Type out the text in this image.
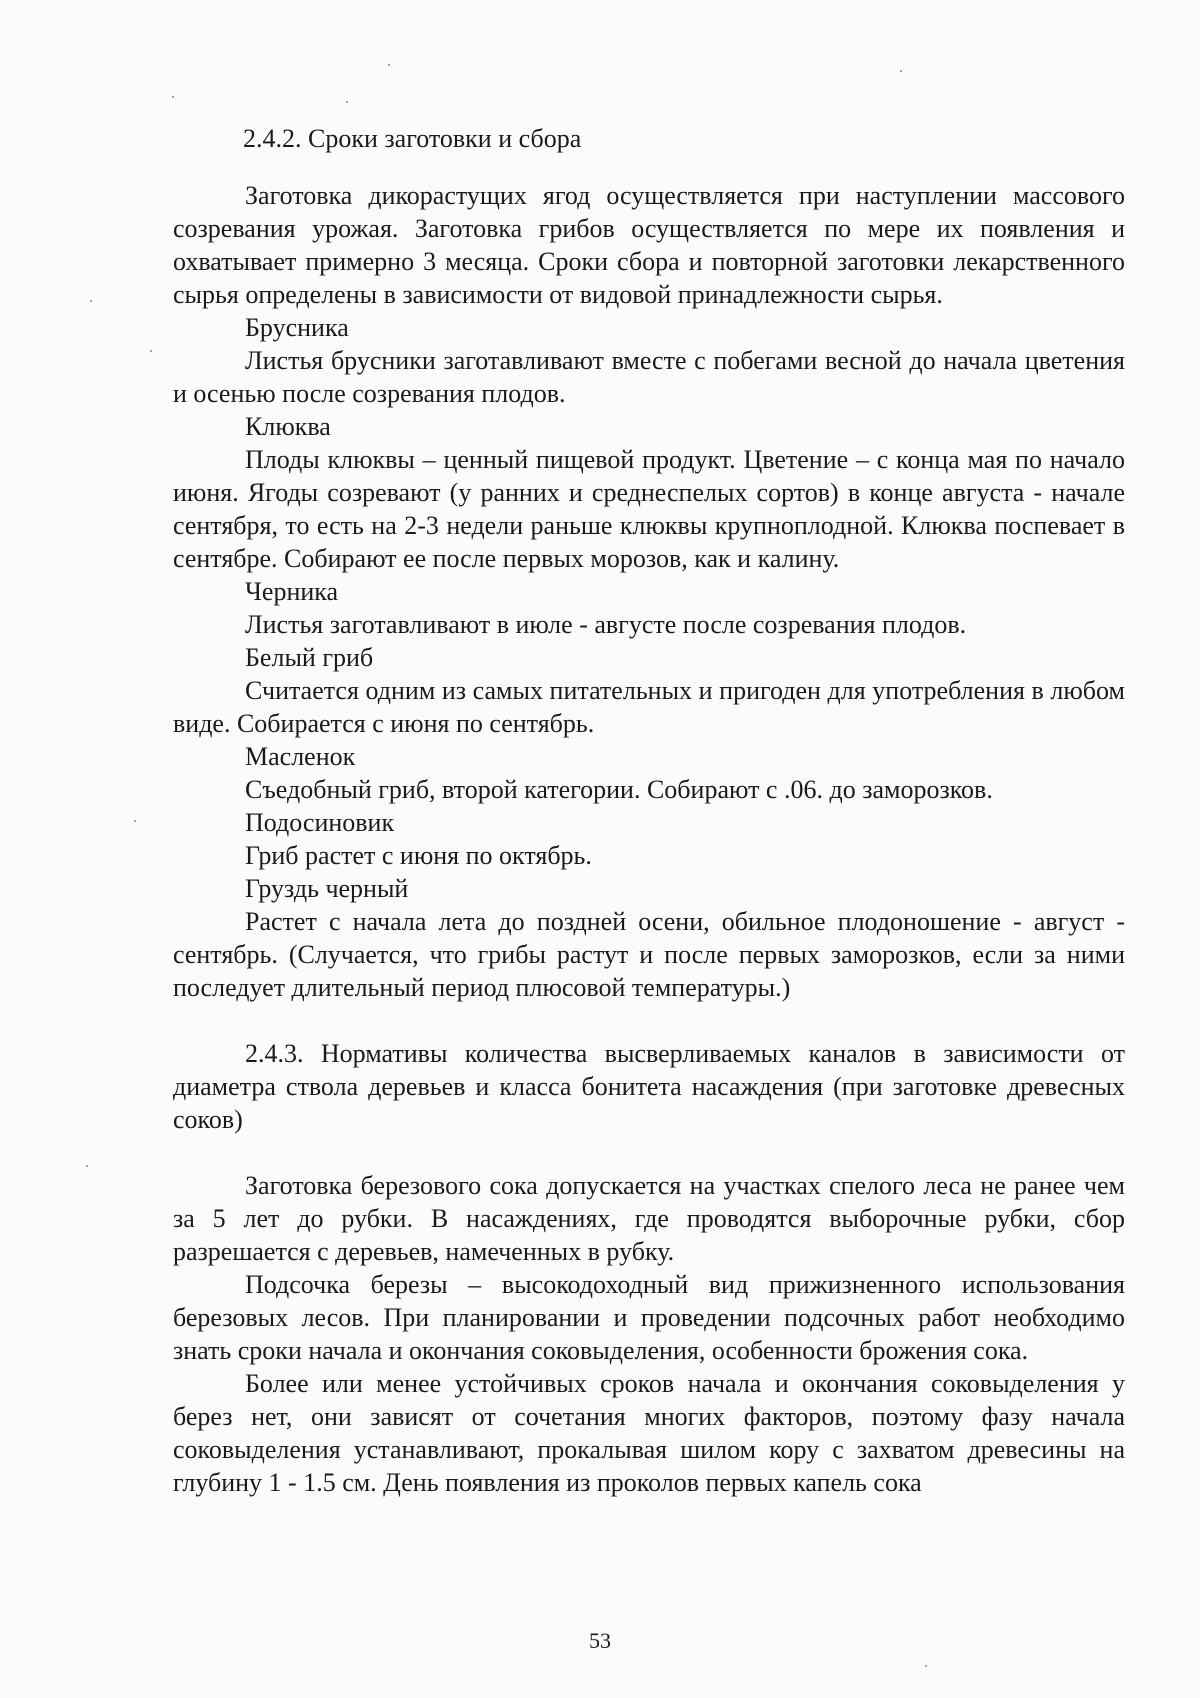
2.4.2. Сроки заготовки и сбора

Заготовка дикорастущих ягод осуществляется при наступлении массового созревания урожая. Заготовка грибов осуществляется по мере их появления и охватывает примерно 3 месяца. Сроки сбора и повторной заготовки лекарственного сырья определены в зависимости от видовой принадлежности сырья.

Брусника

Листья брусники заготавливают вместе с побегами весной до начала цветения и осенью после созревания плодов.

Клюква

Плоды клюквы – ценный пищевой продукт. Цветение – с конца мая по начало июня. Ягоды созревают (у ранних и среднеспелых сортов) в конце августа - начале сентября, то есть на 2-3 недели раньше клюквы крупноплодной. Клюква поспевает в сентябре. Собирают ее после первых морозов, как и калину.

Черника

Листья заготавливают в июле - августе после созревания плодов.

Белый гриб

Считается одним из самых питательных и пригоден для употребления в любом виде. Собирается с июня по сентябрь.

Масленок

Съедобный гриб, второй категории. Собирают с .06. до заморозков.

Подосиновик

Гриб растет с июня по октябрь.

Груздь черный

Растет с начала лета до поздней осени, обильное плодоношение - август - сентябрь. (Случается, что грибы растут и после первых заморозков, если за ними последует длительный период плюсовой температуры.)

2.4.3. Нормативы количества высверливаемых каналов в зависимости от диаметра ствола деревьев и класса бонитета насаждения (при заготовке древесных соков)

Заготовка березового сока допускается на участках спелого леса не ранее чем за 5 лет до рубки. В насаждениях, где проводятся выборочные рубки, сбор разрешается с деревьев, намеченных в рубку.

Подсочка березы – высокодоходный вид прижизненного использования березовых лесов. При планировании и проведении подсочных работ необходимо знать сроки начала и окончания соковыделения, особенности брожения сока.

Более или менее устойчивых сроков начала и окончания соковыделения у берез нет, они зависят от сочетания многих факторов, поэтому фазу начала соковыделения устанавливают, прокалывая шилом кору с захватом древесины на глубину 1 - 1.5 см. День появления из проколов первых капель сока

53
